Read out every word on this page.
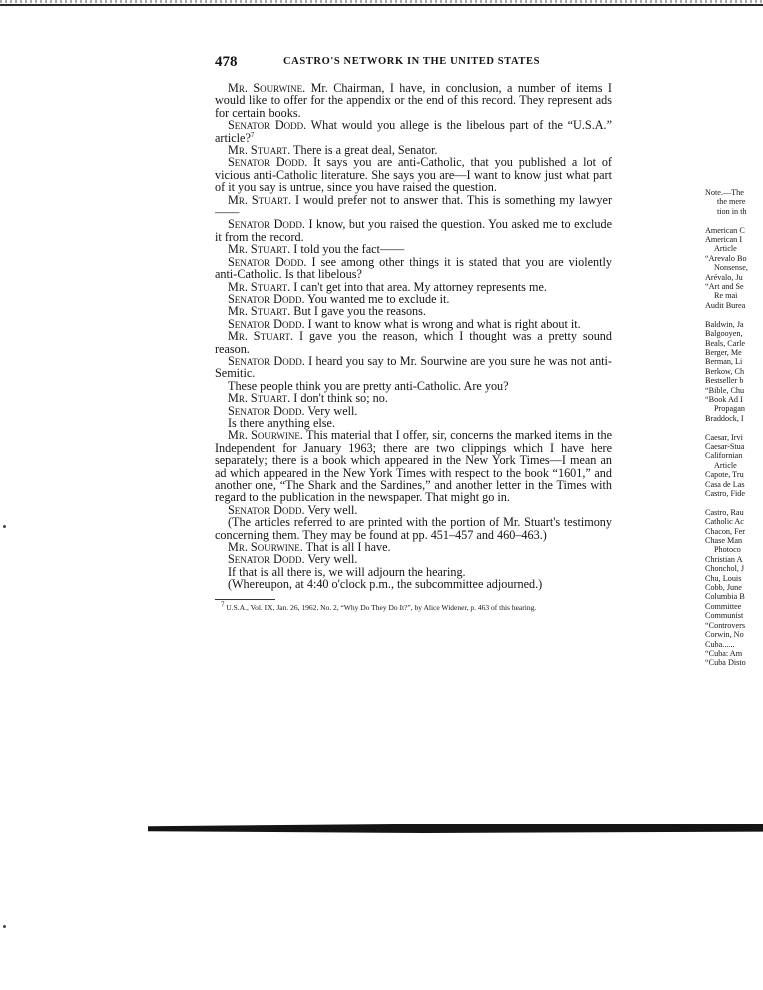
478	CASTRO'S NETWORK IN THE UNITED STATES

Mr. Sourwine. Mr. Chairman, I have, in conclusion, a number of items I would like to offer for the appendix or the end of this record. They represent ads for certain books.

Senator Dodd. What would you allege is the libelous part of the “U.S.A.” article?$^7$

Mr. Stuart. There is a great deal, Senator.

Senator Dodd. It says you are anti-Catholic, that you published a lot of vicious anti-Catholic literature. She says you are—I want to know just what part of it you say is untrue, since you have raised the question.

Mr. Stuart. I would prefer not to answer that. This is something my lawyer——

Senator Dodd. I know, but you raised the question. You asked me to exclude it from the record.

Mr. Stuart. I told you the fact——

Senator Dodd. I see among other things it is stated that you are violently anti-Catholic. Is that libelous?

Mr. Stuart. I can't get into that area. My attorney represents me.

Senator Dodd. You wanted me to exclude it.

Mr. Stuart. But I gave you the reasons.

Senator Dodd. I want to know what is wrong and what is right about it.

Mr. Stuart. I gave you the reason, which I thought was a pretty sound reason.

Senator Dodd. I heard you say to Mr. Sourwine are you sure he was not anti-Semitic.

These people think you are pretty anti-Catholic. Are you?

Mr. Stuart. I don't think so; no.

Senator Dodd. Very well.

Is there anything else.

Mr. Sourwine. This material that I offer, sir, concerns the marked items in the Independent for January 1963; there are two clippings which I have here separately; there is a book which appeared in the New York Times—I mean an ad which appeared in the New York Times with respect to the book “1601,” and another one, “The Shark and the Sardines,” and another letter in the Times with regard to the publication in the newspaper. That might go in.

Senator Dodd. Very well.

(The articles referred to are printed with the portion of Mr. Stuart's testimony concerning them. They may be found at pp. 451–457 and 460–463.)

Mr. Sourwine. That is all I have.

Senator Dodd. Very well.

If that is all there is, we will adjourn the hearing.

(Whereupon, at 4:40 o'clock p.m., the subcommittee adjourned.)

$^7$ U.S.A., Vol. IX, Jan. 26, 1962, No. 2, “Why Do They Do It?”, by Alice Widener, p. 463 of this hearing.

Note.—The
the mere
tion in th

American C
American I
Article
“Arevalo Bo
Nonsense,
Arévalo, Ju
“Art and Se
Re mai
Audit Burea

Baldwin, Ja
Balgooyen,
Beals, Carle
Berger, Me
Berman, Li
Berkow, Ch
Bestseller b
“Bible, Chu
“Book Ad I
Propagan
Braddock, I

Caesar, Irvi
Caesar-Stua
Californian
Article
Capote, Tru
Casa de Las
Castro, Fide

Castro, Rau
Catholic Ac
Chacon, Fer
Chase Man
Photoco
Christian A
Chonchol, J
Chu, Louis
Cobb, June
Columbia B
Committee
Communist
“Controvers
Corwin, No
Cuba......
“Cuba: Am
“Cuba Disto
